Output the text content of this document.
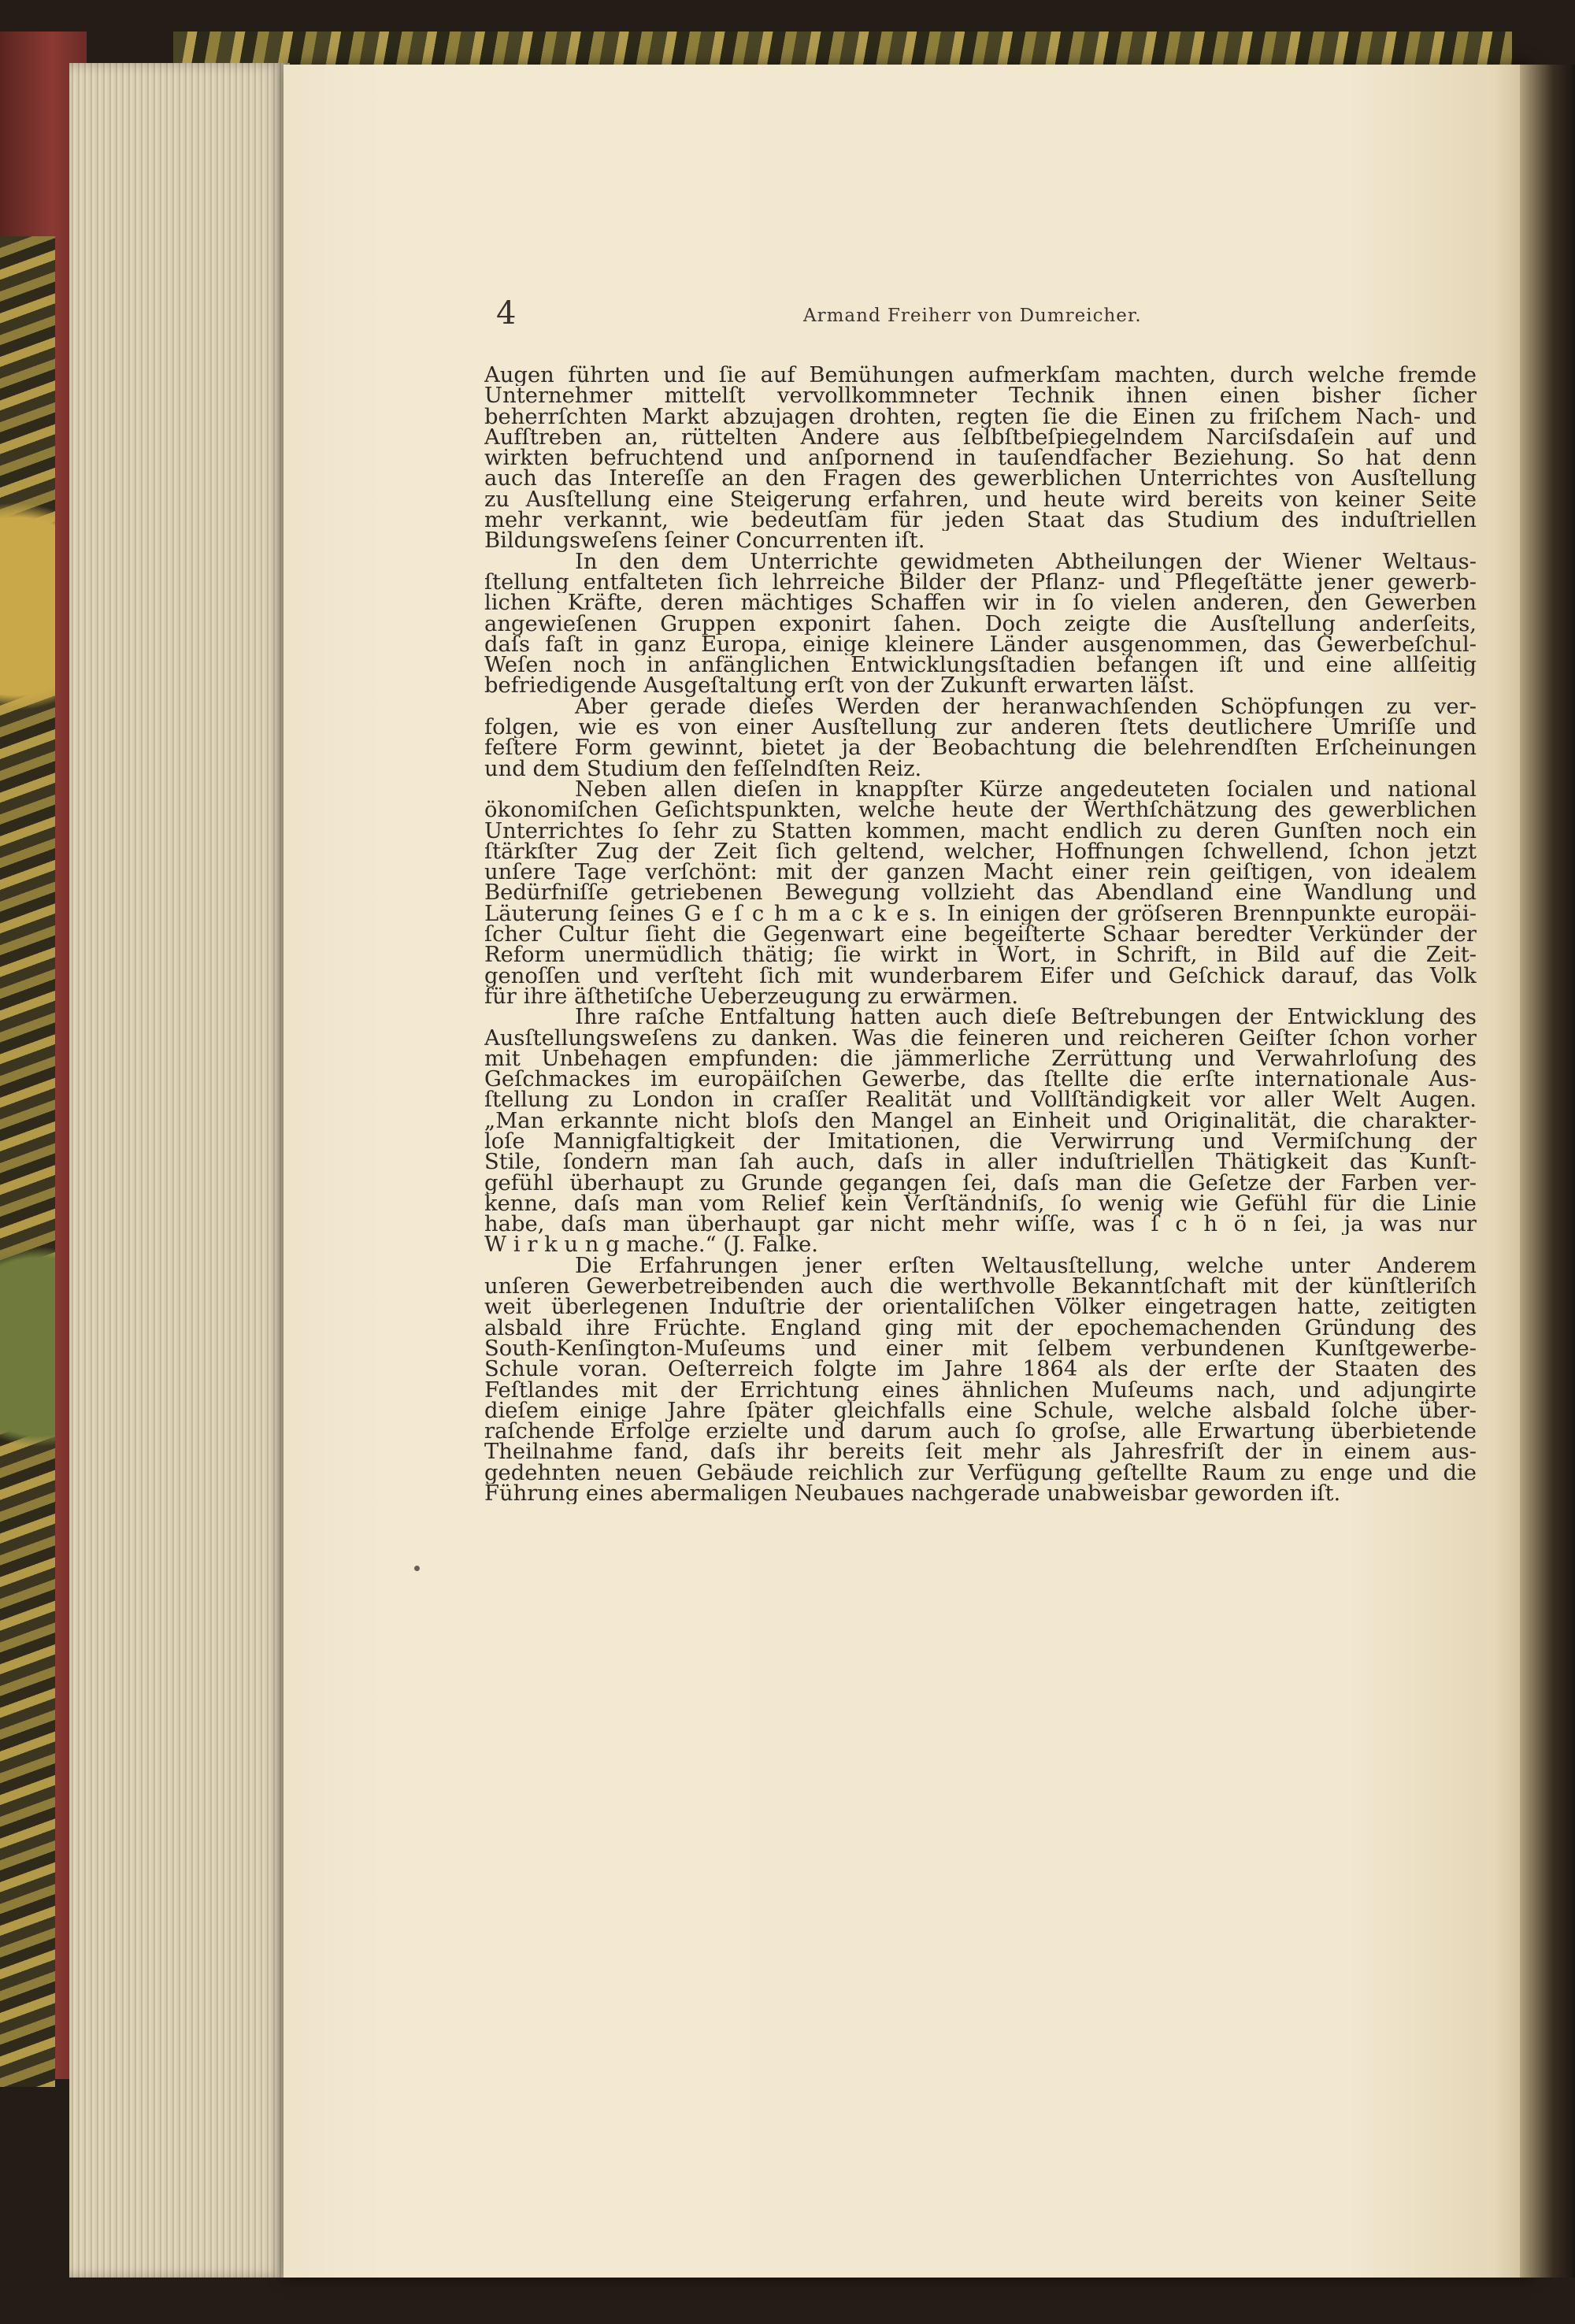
4	Armand Freiherr von Dumreicher.

Augen führten und ſie auf Bemühungen aufmerkſam machten, durch welche fremde
Unternehmer mittelſt vervollkommneter Technik ihnen einen bisher ſicher
beherrſchten Markt abzujagen drohten, regten ſie die Einen zu friſchem Nach- und
Aufſtreben an, rüttelten Andere aus ſelbſtbeſpiegelndem Narciſsdaſein auf und
wirkten befruchtend und anſpornend in tauſendfacher Beziehung. So hat denn
auch das Intereſſe an den Fragen des gewerblichen Unterrichtes von Ausſtellung
zu Ausſtellung eine Steigerung erfahren, und heute wird bereits von keiner Seite
mehr verkannt, wie bedeutſam für jeden Staat das Studium des induſtriellen
Bildungsweſens ſeiner Concurrenten iſt.
In den dem Unterrichte gewidmeten Abtheilungen der Wiener Weltaus-
ſtellung entfalteten ſich lehrreiche Bilder der Pflanz- und Pflegeſtätte jener gewerb-
lichen Kräfte, deren mächtiges Schaffen wir in ſo vielen anderen, den Gewerben
angewieſenen Gruppen exponirt ſahen. Doch zeigte die Ausſtellung anderſeits,
daſs faſt in ganz Europa, einige kleinere Länder ausgenommen, das Gewerbeſchul-
Weſen noch in anfänglichen Entwicklungsſtadien befangen iſt und eine allſeitig
befriedigende Ausgeſtaltung erſt von der Zukunft erwarten läſst.
Aber gerade dieſes Werden der heranwachſenden Schöpfungen zu ver-
folgen, wie es von einer Ausſtellung zur anderen ſtets deutlichere Umriſſe und
feſtere Form gewinnt, bietet ja der Beobachtung die belehrendſten Erſcheinungen
und dem Studium den feſſelndſten Reiz.
Neben allen dieſen in knappſter Kürze angedeuteten ſocialen und national
ökonomiſchen Geſichtspunkten, welche heute der Werthſchätzung des gewerblichen
Unterrichtes ſo ſehr zu Statten kommen, macht endlich zu deren Gunſten noch ein
ſtärkſter Zug der Zeit ſich geltend, welcher, Hoffnungen ſchwellend, ſchon jetzt
unſere Tage verſchönt: mit der ganzen Macht einer rein geiſtigen, von idealem
Bedürfniſſe getriebenen Bewegung vollzieht das Abendland eine Wandlung und
Läuterung ſeines G e ſ c h m a c k e s. In einigen der gröſseren Brennpunkte europäi-
ſcher Cultur ſieht die Gegenwart eine begeiſterte Schaar beredter Verkünder der
Reform unermüdlich thätig; ſie wirkt in Wort, in Schrift, in Bild auf die Zeit-
genoſſen und verſteht ſich mit wunderbarem Eifer und Geſchick darauf, das Volk
für ihre äſthetiſche Ueberzeugung zu erwärmen.
Ihre raſche Entfaltung hatten auch dieſe Beſtrebungen der Entwicklung des
Ausſtellungsweſens zu danken. Was die feineren und reicheren Geiſter ſchon vorher
mit Unbehagen empfunden: die jämmerliche Zerrüttung und Verwahrloſung des
Geſchmackes im europäiſchen Gewerbe, das ſtellte die erſte internationale Aus-
ſtellung zu London in craſſer Realität und Vollſtändigkeit vor aller Welt Augen.
„Man erkannte nicht bloſs den Mangel an Einheit und Originalität, die charakter-
loſe Mannigfaltigkeit der Imitationen, die Verwirrung und Vermiſchung der
Stile, ſondern man ſah auch, daſs in aller induſtriellen Thätigkeit das Kunſt-
gefühl überhaupt zu Grunde gegangen ſei, daſs man die Geſetze der Farben ver-
kenne, daſs man vom Relief kein Verſtändniſs, ſo wenig wie Gefühl für die Linie
habe, daſs man überhaupt gar nicht mehr wiſſe, was ſ c h ö n ſei, ja was nur
W i r k u n g mache.“ (J. Falke.
Die Erfahrungen jener erſten Weltausſtellung, welche unter Anderem
unſeren Gewerbetreibenden auch die werthvolle Bekanntſchaft mit der künſtleriſch
weit überlegenen Induſtrie der orientaliſchen Völker eingetragen hatte, zeitigten
alsbald ihre Früchte. England ging mit der epochemachenden Gründung des
South-Kenſington-Muſeums und einer mit ſelbem verbundenen Kunſtgewerbe-
Schule voran. Oeſterreich folgte im Jahre 1864 als der erſte der Staaten des
Feſtlandes mit der Errichtung eines ähnlichen Muſeums nach, und adjungirte
dieſem einige Jahre ſpäter gleichfalls eine Schule, welche alsbald ſolche über-
raſchende Erfolge erzielte und darum auch ſo groſse, alle Erwartung überbietende
Theilnahme fand, daſs ihr bereits ſeit mehr als Jahresfriſt der in einem aus-
gedehnten neuen Gebäude reichlich zur Verfügung geſtellte Raum zu enge und die
Führung eines abermaligen Neubaues nachgerade unabweisbar geworden iſt.
